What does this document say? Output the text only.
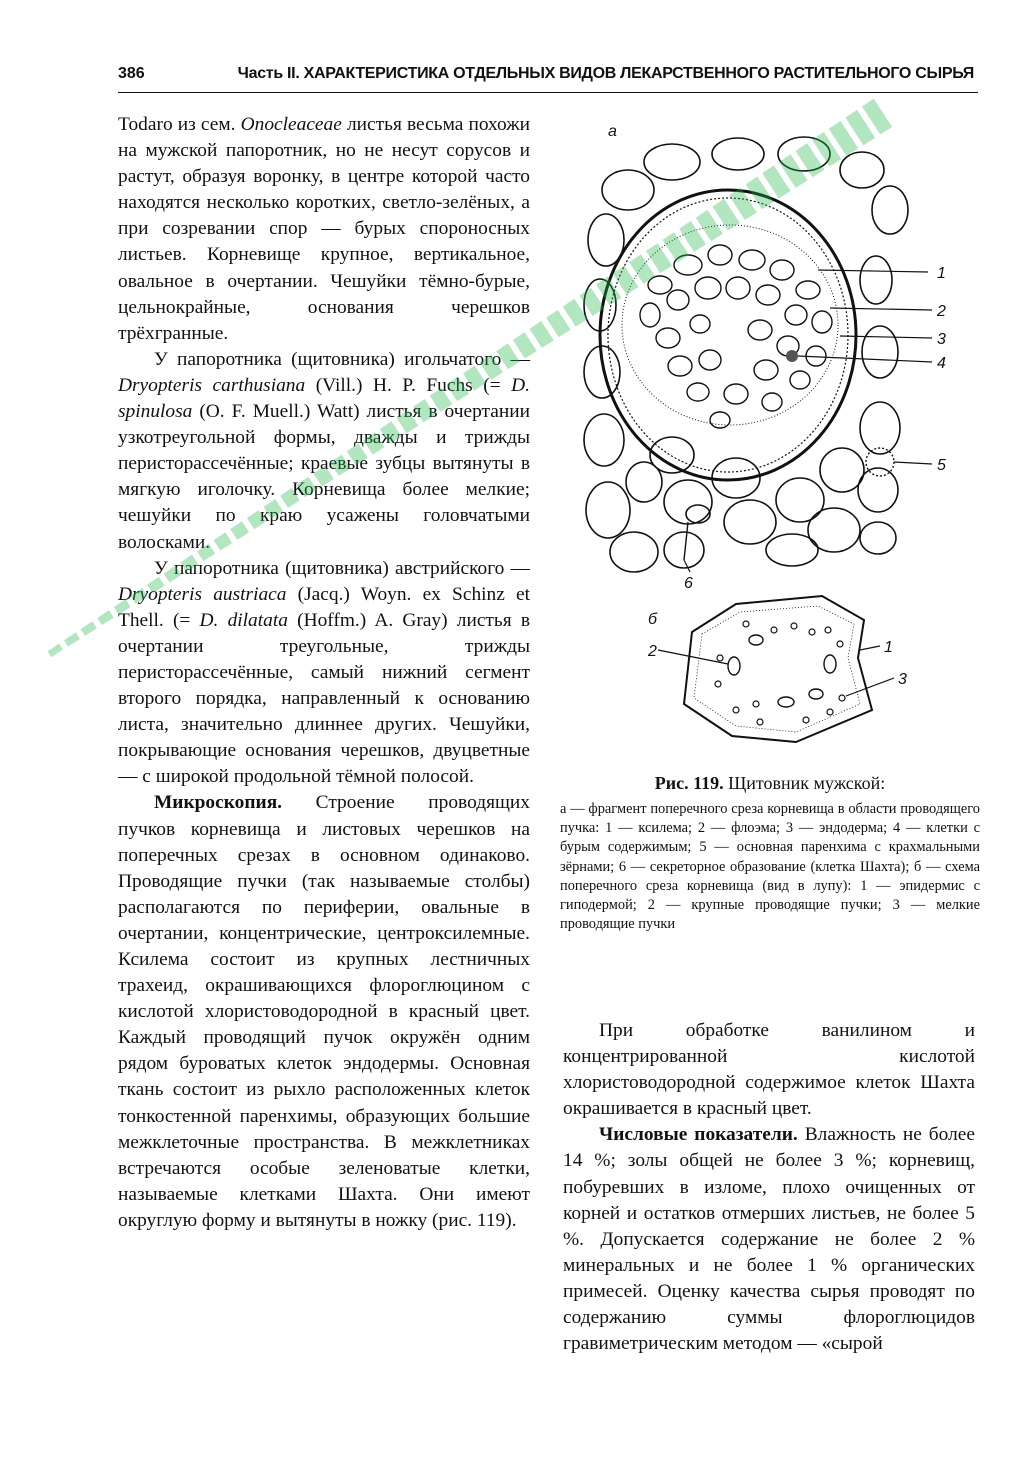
386	Часть II. ХАРАКТЕРИСТИКА ОТДЕЛЬНЫХ ВИДОВ ЛЕКАРСТВЕННОГО РАСТИТЕЛЬНОГО СЫРЬЯ

Todaro из сем. Onocleaceae листья весьма похожи на мужской папоротник, но не несут сорусов и растут, образуя воронку, в центре которой часто находятся несколько коротких, светло-зелёных, а при созревании спор — бурых спороносных листьев. Корневище крупное, вертикальное, овальное в очертании. Чешуйки тёмно-бурые, цельнокрайные, основания черешков трёхгранные.

У папоротника (щитовника) игольчатого — Dryopteris carthusiana (Vill.) H. P. Fuchs (= D. spinulosa (O. F. Muell.) Watt) листья в очертании узкотреугольной формы, дважды и трижды перисторассечённые; краевые зубцы вытянуты в мягкую иголочку. Корневища более мелкие; чешуйки по краю усажены головчатыми волосками.

У папоротника (щитовника) австрийского — Dryopteris austriaca (Jacq.) Woyn. ex Schinz et Thell. (= D. dilatata (Hoffm.) A. Gray) листья в очертании треугольные, трижды перисторассечённые, самый нижний сегмент второго порядка, направленный к основанию листа, значительно длиннее других. Чешуйки, покрывающие основания черешков, двуцветные — с широкой продольной тёмной полосой.

Микроскопия. Строение проводящих пучков корневища и листовых черешков на поперечных срезах в основном одинаково. Проводящие пучки (так называемые столбы) располагаются по периферии, овальные в очертании, концентрические, центроксилемные. Ксилема состоит из крупных лестничных трахеид, окрашивающихся флороглюцином с кислотой хлористоводородной в красный цвет. Каждый проводящий пучок окружён одним рядом буроватых клеток эндодермы. Основная ткань состоит из рыхло расположенных клеток тонкостенной паренхимы, образующих большие межклеточные пространства. В межклетниках встречаются особые зеленоватые клетки, называемые клетками Шахта. Они имеют округлую форму и вытянуты в ножку (рис. 119).

а
1
2
3
4
5
6
б
1
2
3
Рис. 119. Щитовник мужской:
а — фрагмент поперечного среза корневища в области проводящего пучка: 1 — ксилема; 2 — флоэма; 3 — эндодерма; 4 — клетки с бурым содержимым; 5 — основная паренхима с крахмальными зёрнами; 6 — секреторное образование (клетка Шахта); б — схема поперечного среза корневища (вид в лупу): 1 — эпидермис с гиподермой; 2 — крупные проводящие пучки; 3 — мелкие проводящие пучки

При обработке ванилином и концентрированной кислотой хлористоводородной содержимое клеток Шахта окрашивается в красный цвет.

Числовые показатели. Влажность не более 14 %; золы общей не более 3 %; корневищ, побуревших в изломе, плохо очищенных от корней и остатков отмерших листьев, не более 5 %. Допускается содержание не более 2 % минеральных и не более 1 % органических примесей. Оценку качества сырья проводят по содержанию суммы флороглюцидов гравиметрическим методом — «сырой
